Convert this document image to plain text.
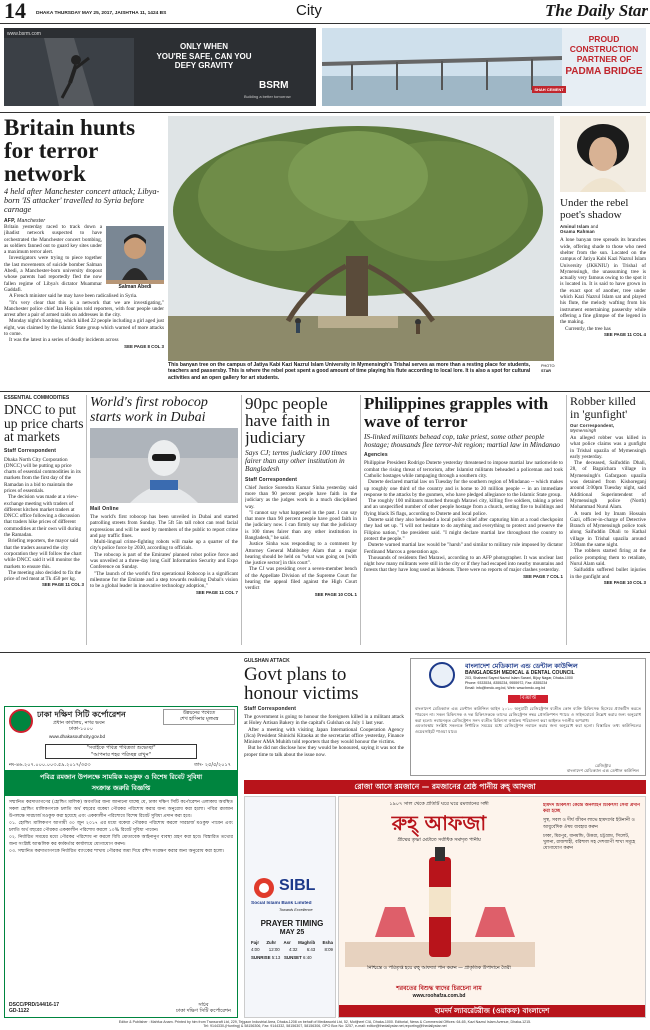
14 DHAKA THURSDAY MAY 25, 2017, JAISHTHA 11, 1424 BS	City	The Daily Star
www.bsrm.com
ONLY WHEN
YOU'RE SAFE, CAN YOU
DEFY GRAVITY
BSRM
Building a better tomorrow
SHAH CEMENT
PROUD
CONSTRUCTION
PARTNER OF
PADMA BRIDGE
Britain hunts for terror network
4 held after Manchester concert attack; Libya-born 'IS attacker' travelled to Syria before carnage
AFP, Manchester
Salman Abedi

Britain yesterday raced to track down a jihadist network suspected to have orchestrated the Manchester concert bombing, as soldiers fanned out to guard key sites under a maximum terror alert.

Investigators were trying to piece together the last movements of suicide bomber Salman Abedi, a Manchester-born university dropout whose parents had reportedly fled the now fallen regime of Libya's dictator Muammar Gaddafi.

A French minister said he may have been radicalised in Syria.

"It's very clear that this is a network that we are investigating," Manchester police chief Ian Hopkins told reporters, with four people under arrest after a pair of armed raids on addresses in the city.

Monday night's bombing, which killed 22 people including a girl aged just eight, was claimed by the Islamic State group which warned of more attacks to come.

It was the latest in a series of deadly incidents across

SEE PAGE 8 COL 3
This banyan tree on the campus of Jatiya Kabi Kazi Nazrul Islam University in Mymensingh's Trishal serves as more than a resting place for students, teachers and passersby. This is where the rebel poet spent a good amount of time playing his flute according to local lore. It is also a spot for cultural activities and an open gallery for art students.
PHOTO:
STAR
Under the rebel poet's shadow
Aminul Islam and
Osama Rahman

A lone banyan tree spreads its branches wide, offering shade to those who need shelter from the sun. Located on the campus of Jatiya Kabi Kazi Nazrul Islam University (JKKNIU) in Trishal of Mymensingh, the unassuming tree is actually very famous owing to the spot it is located in. It is said to have grown in the exact spot of another, tree under which Kazi Nazrul Islam sat and played his flute, the melody wafting from his instrument entertaining passersby while offering a fine glimpse of the legend in the making.

Currently, the tree has

SEE PAGE 11 COL 4
ESSENTIAL COMMODITIES
DNCC to put up price charts at markets
Staff Correspondent

Dhaka North City Corporation (DNCC) will be putting up price charts of essential commodities in its markets from the first day of the Ramadan in a bid to maintain the prices of essentials.

The decision was made at a view-exchange meeting with traders of different kitchen market traders at DNCC office following a discussion that traders hike prices of different commodities at their own will during the Ramadan.

Briefing reporters, the mayor said that the traders assured the city corporation they will follow the chart while DNCC said it will monitor the markets to ensure this.

The meeting also decided to fix the price of red meat at Tk 450 per kg.

SEE PAGE 11 COL 3
World's first robocop starts work in Dubai
Mail Online

The world's first robocop has been unveiled in Dubai and started patrolling streets from Sunday. The 5ft 5in tall robot can read facial expressions and will be used by members of the public to report crime and pay traffic fines.

Multi-lingual crime-fighting robots will make up a quarter of the city's police force by 2030, according to officials.

The robocop is part of the Emirates' planned robot police force and was unveiled at a three-day long Gulf Information Security and Expo Conference on Sunday.

"The launch of the world's first operational Robocop is a significant milestone for the Emirate and a step towards realising Dubai's vision to be a global leader in innovative technology adoption,"

SEE PAGE 11 COL 7
90pc people have faith in judiciary
Says CJ; terms judiciary 100 times fairer than any other institution in Bangladesh
Staff Correspondent

Chief Justice Surendra Kumar Sinha yesterday said more than 90 percent people have faith in the judiciary as the judges work in a much disciplined way.

"I cannot say what happened in the past. I can say that more than 90 percent people have good faith in the judiciary now. I can firmly say that the judiciary is 100 times fairer than any other institution in Bangladesh," he said.

Justice Sinha was responding to a comment by Attorney General Mahbubey Alam that a major hearing should be held on "what was going on [with the justice sector] in this court".

The CJ was presiding over a seven-member bench of the Appellate Division of the Supreme Court for hearing the appeal filed against the High Court verdict

SEE PAGE 10 COL 1
Philippines grapples with wave of terror
IS-linked militants behead cop, take priest, some other people hostage; thousands flee terror-hit region; martial law in Mindanao
Agencies

Philippine President Rodrigo Duterte yesterday threatened to impose martial law nationwide to combat the rising threat of terrorism, after Islamist militants beheaded a policeman and took Catholic hostages while rampaging through a southern city.

Duterte declared martial law on Tuesday for the southern region of Mindanao -- which makes up roughly one third of the country and is home to 20 million people -- in an immediate response to the attacks by the gunmen, who have pledged allegiance to the Islamic State group.

The roughly 100 militants marched through Marawi city, killing five soldiers, taking a priest and an unspecified number of other people hostage from a church, setting fire to buildings and flying black IS flags, according to Duterte and local police.

Duterte said they also beheaded a local police chief after capturing him at a road checkpoint they had set up. "I will not hesitate to do anything and everything to protect and preserve the Filipino nation," the president said. "I might declare martial law throughout the country to protect the people."

Duterte warned martial law would be "harsh" and similar to military rule imposed by dictator Ferdinand Marcos a generation ago.

Thousands of residents fled Marawi, according to an AFP photographer. It was unclear last night how many militants were still in the city or if they had escaped into nearby mountains and forests that they have long used as hideouts. There were no reports of major clashes yesterday.

SEE PAGE 7 COL 1
Robber killed in 'gunfight'
Our Correspondent,
Mymensingh

An alleged robber was killed in what police claims was a gunfight in Trishal upazila of Mymensingh early yesterday.

The deceased, Saifuddin Dhali, 28, of Bagaichara village in Mymensingh's Gafargaon upazila was detained from Kishoreganj around 3:00pm Tuesday night, said Additional Superintendent of Mymensingh police (North) Mohammad Nurul Alam.

A team led by Imam Hossain Gazi, officer-in-charge of Detective Branch of Mymensingh police took along Saifuddin Dhali to Kathal village in Trishal upazila around 3:00am the same night.

The robbers started firing at the police prompting them to retaliate, Nurul Alam said.

Saifuddin suffered bullet injuries in the gunfight and

SEE PAGE 10 COL 3
ঢাকা দক্ষিণ সিটি কর্পোরেশন
প্রধান কার্যালয়, নগর ভবন
ঢাকা-১০০০
www.dhakasouthcity.gov.bd
উন্নয়নের পথেতে
শেখ হাসিনার মূলমন্ত্র
"সবাইকে পবিত্র পবিত্রতা শুভেচ্ছা"
"আপনার শহর পরিচ্ছন্ন রাখুন"
নং-৪৬.২০৭.০০০.০০৩.৫৯.২০১৭/৩৫৩	তাং- ২৫/৫/২০১৭
পবিত্র রমজান উপলক্ষে সাময়িক মওকুফ ও বিশেষ রিবেট সুবিধা
সংক্রান্ত জরুরি বিজ্ঞপ্তি

সম্মানিত করদাতাগণের (হোল্ডিং মালিক) অবগতির জন্য জানানো যাচ্ছে যে, ঢাকা দক্ষিণ সিটি কর্পোরেশন এলাকায় অবস্থিত সকল হোল্ডিং মালিকগণকে চলতি অর্থ বছরের বকেয়া পৌরকর পরিশোধ করার জন্য অনুরোধ করা হলো। পবিত্র রমজান উপলক্ষে সারচার্জ মওকুফ করা হয়েছে এবং এককালীন পরিশোধে বিশেষ রিবেট সুবিধা প্রদান করা হবে।

০১. হোল্ডিং মালিকগণ আগামী ৩০ জুন ২০১৭ এর মধ্যে বকেয়া পৌরকর পরিশোধ করলে সারচার্জ মওকুফ পাবেন এবং চলতি অর্থ বছরের পৌরকর এককালীন পরিশোধ করলে ১০% রিবেট সুবিধা পাবেন।

০২. নির্ধারিত সময়ের মধ্যে পৌরকর পরিশোধ না করলে বিধি মোতাবেক আইনানুগ ব্যবস্থা গ্রহণ করা হবে। বিস্তারিত তথ্যের জন্য সংশ্লিষ্ট আঞ্চলিক কর কর্মকর্তার কার্যালয়ে যোগাযোগ করুন।

০৩. সম্মানিত করদাতাগণকে নির্ধারিত ব্যাংকের শাখায় পৌরকর জমা দিয়ে রশিদ সংরক্ষণ করার জন্য অনুরোধ করা হলো।

DSCC/PRD/144/16-17
GD-1122
সচিব
ঢাকা দক্ষিণ সিটি কর্পোরেশন
GULSHAN ATTACK
Govt plans to honour victims
Staff Correspondent

The government is going to honour the foreigners killed in a militant attack at Holey Artisan Bakery in the capital's Gulshan on July 1 last year.

After a meeting with visiting Japan International Cooperation Agency (Jica) President Shinichi Kitaoka at the secretariat office yesterday, Finance Minister AMA Muhith told reporters that they would honour the victims.

But he did not disclose how they would be honoured, saying it was not the proper time to talk about the issue now.

বাংলাদেশ মেডিক্যাল এন্ড ডেন্টাল কাউন্সিল
BANGLADESH MEDICAL & DENTAL COUNCIL
203, Shaheed Sayed Nazrul Islam Sarani, Bijoy Nagar, Dhaka-1000
Phone: 9333534, 8355234, 9555972, Fax: 8355234
Email: info@bmdc.org.bd, Web: www.bmdc.org.bd
বিজ্ঞপ্তি

বাংলাদেশ মেডিক্যাল এন্ড ডেন্টাল কাউন্সিল আইন ২০১০ অনুযায়ী রেজিস্ট্রেশন ব্যতীত কোন ব্যক্তি চিকিৎসক হিসেবে প্র্যাকটিস করতে পারবেন না। সকল চিকিৎসক ও দন্ত চিকিৎসককে তাদের রেজিস্ট্রেশন নম্বর প্রেসক্রিপশন প্যাডে ও সাইনবোর্ডে উল্লেখ করার জন্য অনুরোধ করা হলো। নবায়নকৃত রেজিস্ট্রেশন সনদ ব্যতীত চিকিৎসা কার্যক্রম পরিচালনা করা আইনত দণ্ডনীয় অপরাধ।

এমতাবস্থায় সংশ্লিষ্ট সকলকে নির্ধারিত সময়ের মধ্যে রেজিস্ট্রেশন নবায়ন করার জন্য অনুরোধ করা হলো। বিস্তারিত তথ্য কাউন্সিলের ওয়েবসাইটে পাওয়া যাবে।

রেজিস্ট্রার
বাংলাদেশ মেডিক্যাল এন্ড ডেন্টাল কাউন্সিল
রোজা আসে রমজানে — রমজানের শ্রেষ্ঠ পানীয় রুহ্ আফজা
SIBL
Social Islami Bank Limited
Towards Excellence
PRAYER TIMING
MAY 25
Fajr Zuhr Asr Maghrib Esha
4:00 12:00 4:32 6:43 8:09
SUNRISE 5:13 SUNSET 6:40
১৯০৭ সাল থেকে প্রতিটি ঘরে ঘরে রমজানের সঙ্গী
রুহ্ আফজা
গ্রীষ্মের তৃষ্ণা মেটাতে সর্বাধিক সমাদৃত পানীয়
নিশ্চিন্তে ও পরিতৃপ্ত হয়ে রুহ্ আফজা পান করুন — প্রাকৃতিক উপাদানে তৈরী
শরবতের বিশুদ্ধ স্বাদের চিরচেনা নাম
www.roohafza.com.bd
হামদর্দ চিকিৎসা কেন্দ্রে অনলাইন চিকিৎসা সেবা প্রদান করা হচ্ছে
সুস্থ, সবল ও দীর্ঘ জীবন লাভে হামদর্দের ইউনানী ও আয়ুর্বেদিক ঔষধ ব্যবহার করুন
ঢাকা, মিরপুর, ধানমন্ডি, উত্তরা, চট্টগ্রাম, সিলেট, খুলনা, রাজশাহী, বরিশাল সহ দেশব্যাপী শাখা সমূহে যোগাযোগ করুন
হামদর্দ ল্যাবরেটরীজ (ওয়াকফ) বাংলাদেশ
Editor & Publisher : Mahfuz Anam. Printed by him from Transcraft Ltd, 229, Tejgaon Industrial Area, Dhaka-1208 on behalf of Mediaworld Ltd, 52, Motijheel C/A, Dhaka-1000. Editorial, News & Commercial Offices: 64-65, Kazi Nazrul Islam Avenue, Dhaka-1215.
Tel: 9144330-(Hunting) & 58156306, Fax: 9144332, 58156307, 58156306, GPO Box No: 3257, e-mail: editor@thedailystar.net,reporting@thedailystar.net
